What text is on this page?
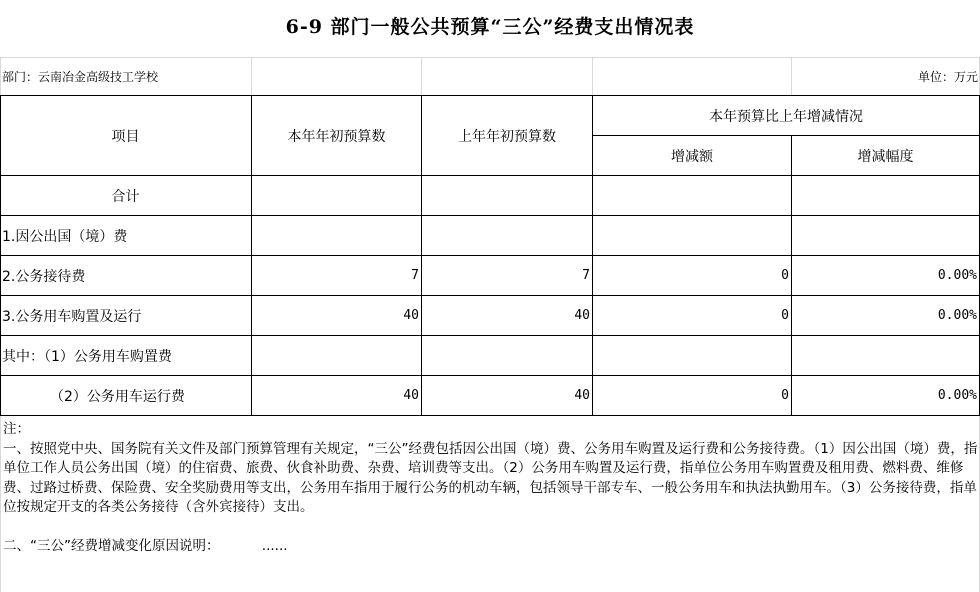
6-9 部门一般公共预算“三公”经费支出情况表
部门：云南冶金高级技工学校	单位：万元
项目	本年年初预算数	上年年初预算数
本年预算比上年增减情况
增减额	增减幅度
合计
1.因公出国（境）费
2.公务接待费	7	7	0	0.00%
3.公务用车购置及运行	40	40	0	0.00%
其中：（1）公务用车购置费
（2）公务用车运行费	40	40	0	0.00%

注：

一、按照党中央、国务院有关文件及部门预算管理有关规定，“三公”经费包括因公出国（境）费、公务用车购置及运行费和公务接待费。（1）因公出国（境）费，指单位工作人员公务出国（境）的住宿费、旅费、伙食补助费、杂费、培训费等支出。（2）公务用车购置及运行费，指单位公务用车购置费及租用费、燃料费、维修费、过路过桥费、保险费、安全奖励费用等支出，公务用车指用于履行公务的机动车辆，包括领导干部专车、一般公务用车和执法执勤用车。（3）公务接待费，指单位按规定开支的各类公务接待（含外宾接待）支出。

二、“三公”经费增减变化原因说明：	......
